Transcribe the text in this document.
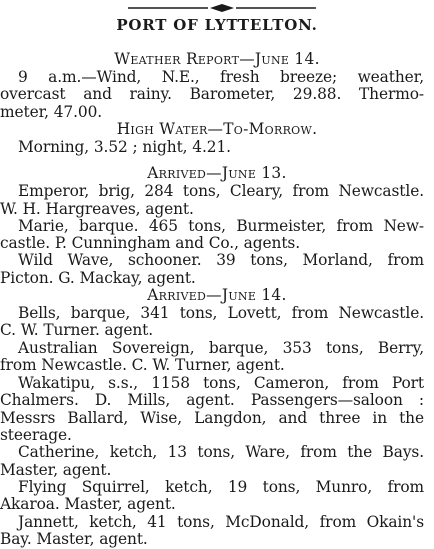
PORT OF LYTTELTON.
Weather Report—June 14.
9 a.m.—Wind, N.E., fresh breeze; weather,
overcast and rainy. Barometer, 29.88. Thermo-
meter, 47.00.
High Water—To-Morrow.
Morning, 3.52 ; night, 4.21.
Arrived—June 13.
Emperor, brig, 284 tons, Cleary, from Newcastle.
W. H. Hargreaves, agent.
Marie, barque. 465 tons, Burmeister, from New-
castle. P. Cunningham and Co., agents.
Wild Wave, schooner. 39 tons, Morland, from
Picton. G. Mackay, agent.
Arrived—June 14.
Bells, barque, 341 tons, Lovett, from Newcastle.
C. W. Turner. agent.
Australian Sovereign, barque, 353 tons, Berry,
from Newcastle. C. W. Turner, agent.
Wakatipu, s.s., 1158 tons, Cameron, from Port
Chalmers. D. Mills, agent. Passengers—saloon :
Messrs Ballard, Wise, Langdon, and three in the
steerage.
Catherine, ketch, 13 tons, Ware, from the Bays.
Master, agent.
Flying Squirrel, ketch, 19 tons, Munro, from
Akaroa. Master, agent.
Jannett, ketch, 41 tons, McDonald, from Okain's
Bay. Master, agent.
